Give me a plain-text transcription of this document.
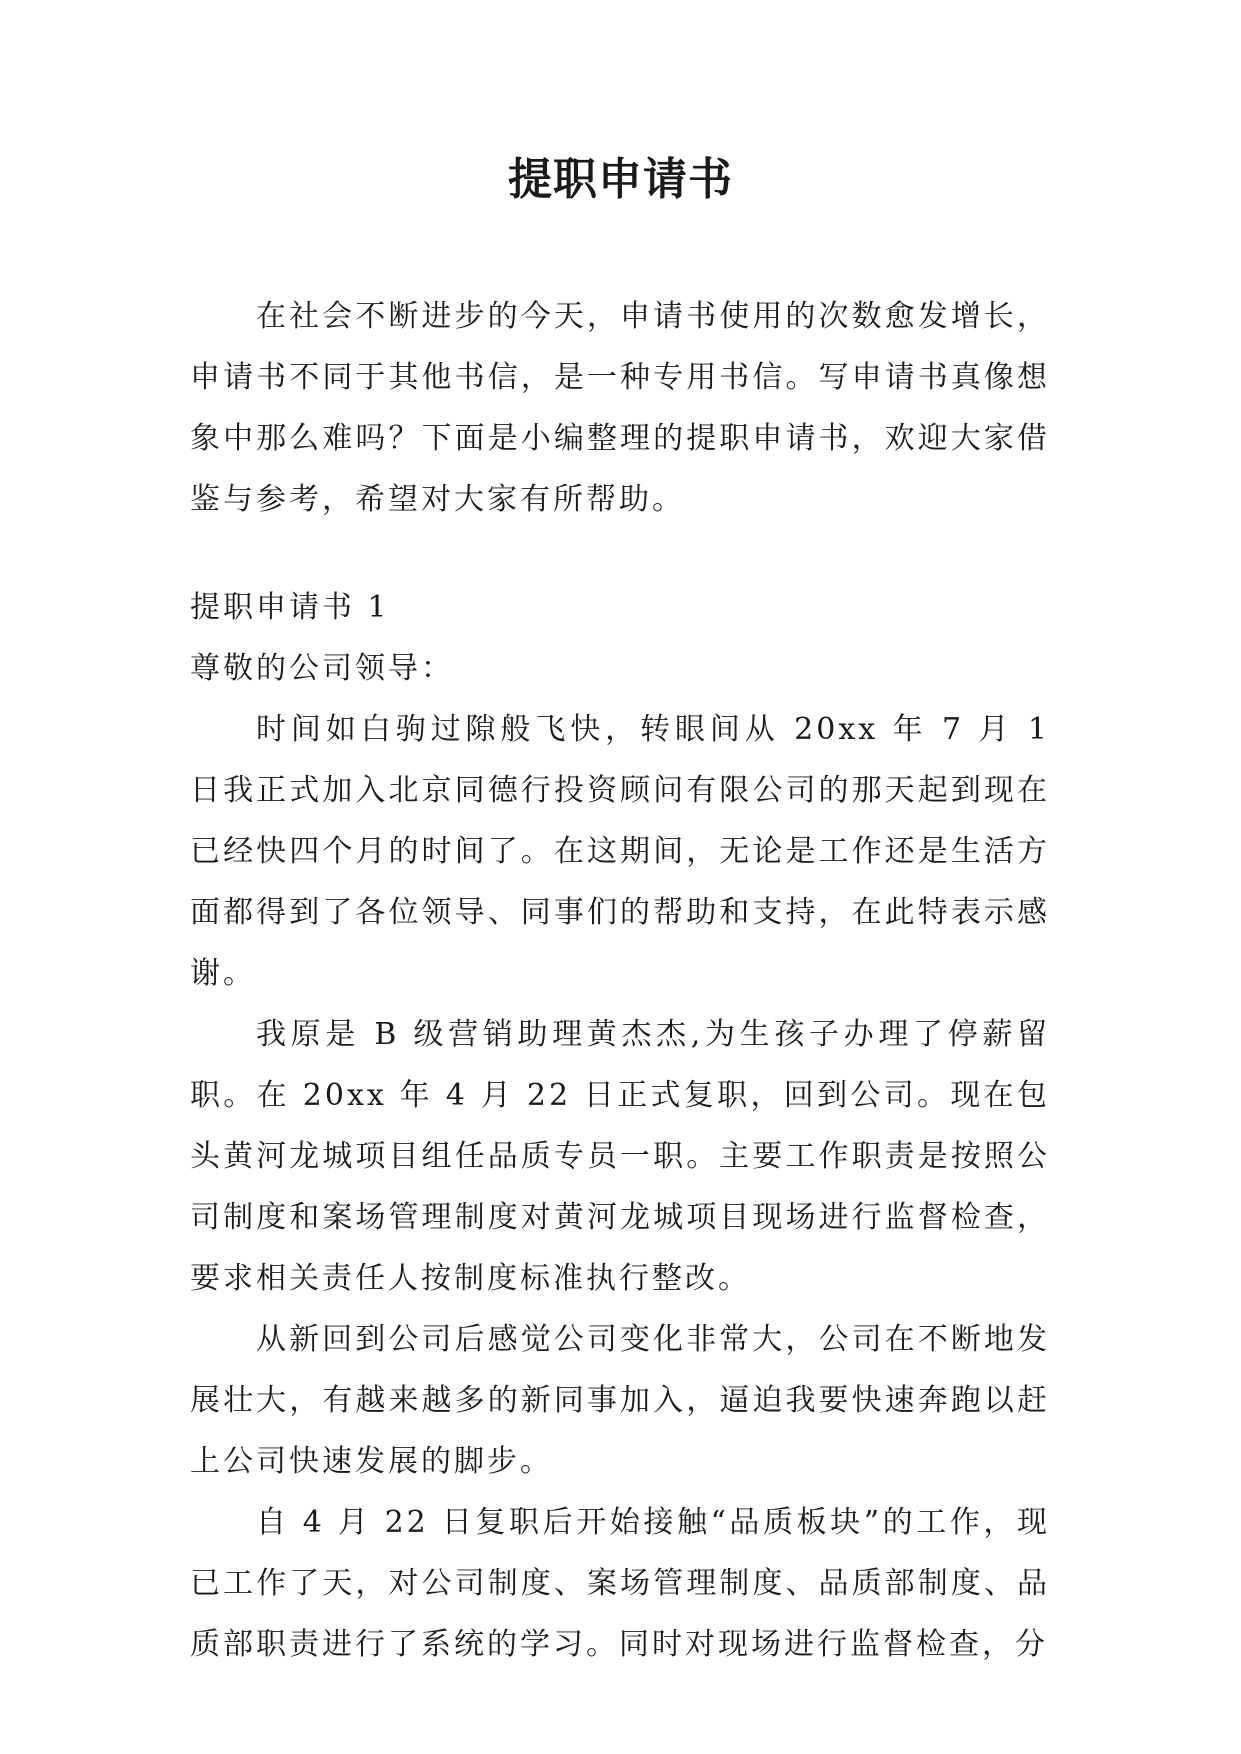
提职申请书

在社会不断进步的今天，申请书使用的次数愈发增长，申请书不同于其他书信，是一种专用书信。写申请书真像想象中那么难吗？下面是小编整理的提职申请书，欢迎大家借鉴与参考，希望对大家有所帮助。

提职申请书 1

尊敬的公司领导：

时间如白驹过隙般飞快，转眼间从 20xx 年 7 月 1 日我正式加入北京同德行投资顾问有限公司的那天起到现在已经快四个月的时间了。在这期间，无论是工作还是生活方面都得到了各位领导、同事们的帮助和支持，在此特表示感谢。

我原是 B 级营销助理黄杰杰,为生孩子办理了停薪留职。在 20xx 年 4 月 22 日正式复职，回到公司。现在包头黄河龙城项目组任品质专员一职。主要工作职责是按照公司制度和案场管理制度对黄河龙城项目现场进行监督检查，要求相关责任人按制度标准执行整改。

从新回到公司后感觉公司变化非常大，公司在不断地发展壮大，有越来越多的新同事加入，逼迫我要快速奔跑以赶上公司快速发展的脚步。

自 4 月 22 日复职后开始接触“品质板块”的工作，现已工作了天，对公司制度、案场管理制度、品质部制度、品质部职责进行了系统的学习。同时对现场进行监督检查，分
